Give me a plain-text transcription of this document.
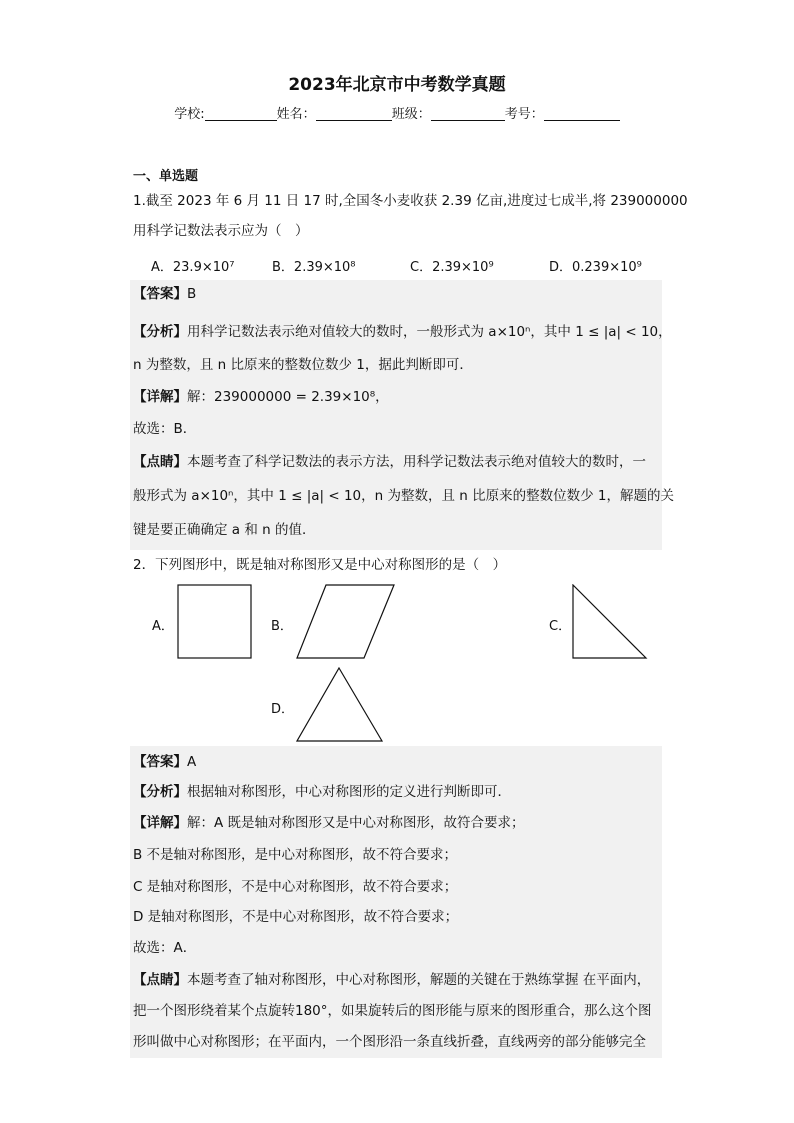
2023年北京市中考数学真题
学校:	姓名：	班级：	考号：
一、单选题
1.截至 2023 年 6 月 11 日 17 时,全国冬小麦收获 2.39 亿亩,进度过七成半,将 239000000
用科学记数法表示应为（　）
A．23.9×10⁷	B．2.39×10⁸	C．2.39×10⁹	D．0.239×10⁹
【答案】B
【分析】用科学记数法表示绝对值较大的数时，一般形式为 a×10ⁿ，其中 1 ≤ |a| < 10，
n 为整数，且 n 比原来的整数位数少 1，据此判断即可．
【详解】解：239000000 = 2.39×10⁸，
故选：B．
【点睛】本题考查了科学记数法的表示方法，用科学记数法表示绝对值较大的数时，一
般形式为 a×10ⁿ，其中 1 ≤ |a| < 10，n 为整数，且 n 比原来的整数位数少 1，解题的关
键是要正确确定 a 和 n 的值．
2．下列图形中，既是轴对称图形又是中心对称图形的是（　）
A．	B．	C．
D．
【答案】A
【分析】根据轴对称图形，中心对称图形的定义进行判断即可．
【详解】解：A 既是轴对称图形又是中心对称图形，故符合要求；
B 不是轴对称图形，是中心对称图形，故不符合要求；
C 是轴对称图形，不是中心对称图形，故不符合要求；
D 是轴对称图形，不是中心对称图形，故不符合要求；
故选：A．
【点睛】本题考查了轴对称图形，中心对称图形，解题的关键在于熟练掌握 在平面内，
把一个图形绕着某个点旋转180°，如果旋转后的图形能与原来的图形重合，那么这个图
形叫做中心对称图形；在平面内，一个图形沿一条直线折叠，直线两旁的部分能够完全
